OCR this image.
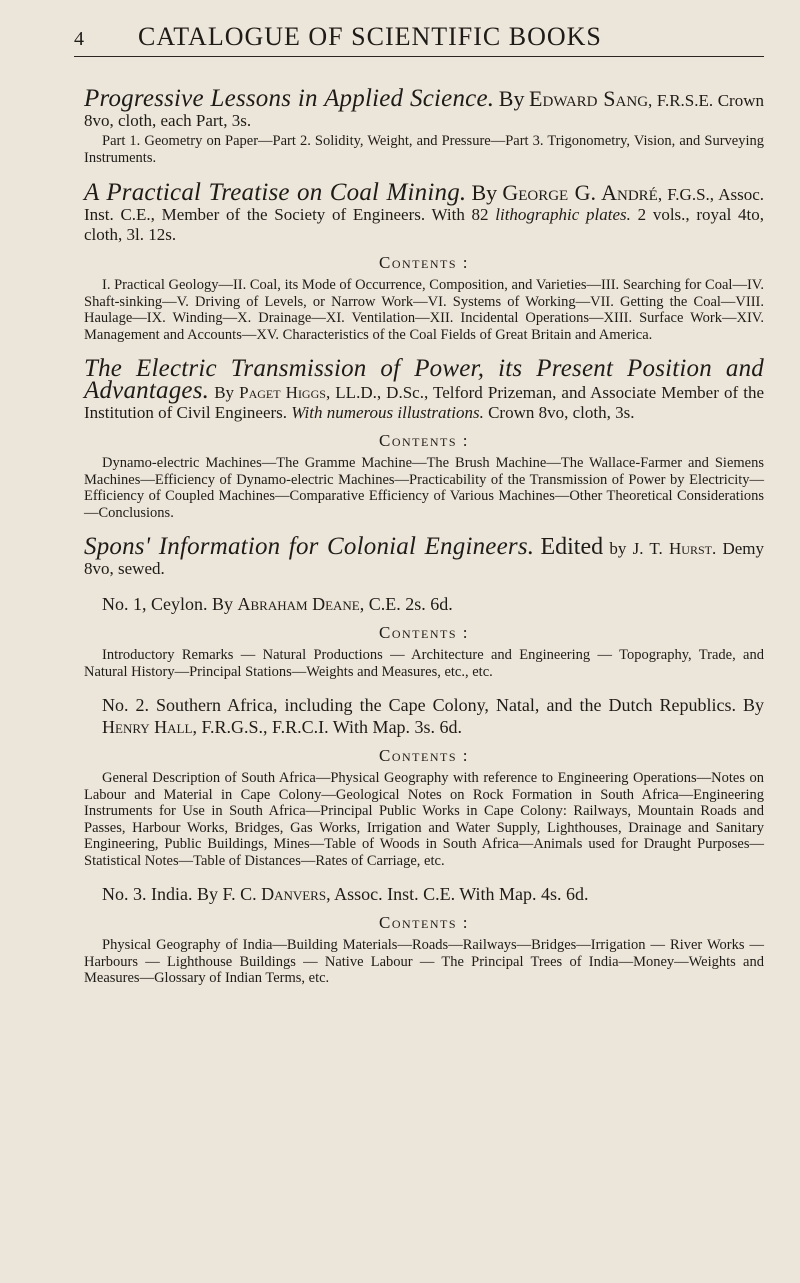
4	CATALOGUE OF SCIENTIFIC BOOKS

Progressive Lessons in Applied Science. By Edward Sang, F.R.S.E. Crown 8vo, cloth, each Part, 3s.

Part 1. Geometry on Paper—Part 2. Solidity, Weight, and Pressure—Part 3. Trigonometry, Vision, and Surveying Instruments.

A Practical Treatise on Coal Mining. By George G. André, F.G.S., Assoc. Inst. C.E., Member of the Society of Engineers. With 82 lithographic plates. 2 vols., royal 4to, cloth, 3l. 12s.

Contents :

I. Practical Geology—II. Coal, its Mode of Occurrence, Composition, and Varieties—III. Searching for Coal—IV. Shaft-sinking—V. Driving of Levels, or Narrow Work—VI. Systems of Working—VII. Getting the Coal—VIII. Haulage—IX. Winding—X. Drainage—XI. Ventilation—XII. Incidental Operations—XIII. Surface Work—XIV. Management and Accounts—XV. Characteristics of the Coal Fields of Great Britain and America.

The Electric Transmission of Power, its Present Position and Advantages. By Paget Higgs, LL.D., D.Sc., Telford Prizeman, and Associate Member of the Institution of Civil Engineers. With numerous illustrations. Crown 8vo, cloth, 3s.

Contents :

Dynamo-electric Machines—The Gramme Machine—The Brush Machine—The Wallace-Farmer and Siemens Machines—Efficiency of Dynamo-electric Machines—Practicability of the Transmission of Power by Electricity—Efficiency of Coupled Machines—Comparative Efficiency of Various Machines—Other Theoretical Considerations—Conclusions.

Spons' Information for Colonial Engineers. Edited by J. T. Hurst. Demy 8vo, sewed.

No. 1, Ceylon. By Abraham Deane, C.E. 2s. 6d.

Contents :

Introductory Remarks — Natural Productions — Architecture and Engineering — Topography, Trade, and Natural History—Principal Stations—Weights and Measures, etc., etc.

No. 2. Southern Africa, including the Cape Colony, Natal, and the Dutch Republics. By Henry Hall, F.R.G.S., F.R.C.I. With Map. 3s. 6d.

Contents :

General Description of South Africa—Physical Geography with reference to Engineering Operations—Notes on Labour and Material in Cape Colony—Geological Notes on Rock Formation in South Africa—Engineering Instruments for Use in South Africa—Principal Public Works in Cape Colony: Railways, Mountain Roads and Passes, Harbour Works, Bridges, Gas Works, Irrigation and Water Supply, Lighthouses, Drainage and Sanitary Engineering, Public Buildings, Mines—Table of Woods in South Africa—Animals used for Draught Purposes—Statistical Notes—Table of Distances—Rates of Carriage, etc.

No. 3. India. By F. C. Danvers, Assoc. Inst. C.E. With Map. 4s. 6d.

Contents :

Physical Geography of India—Building Materials—Roads—Railways—Bridges—Irrigation — River Works — Harbours — Lighthouse Buildings — Native Labour — The Principal Trees of India—Money—Weights and Measures—Glossary of Indian Terms, etc.
